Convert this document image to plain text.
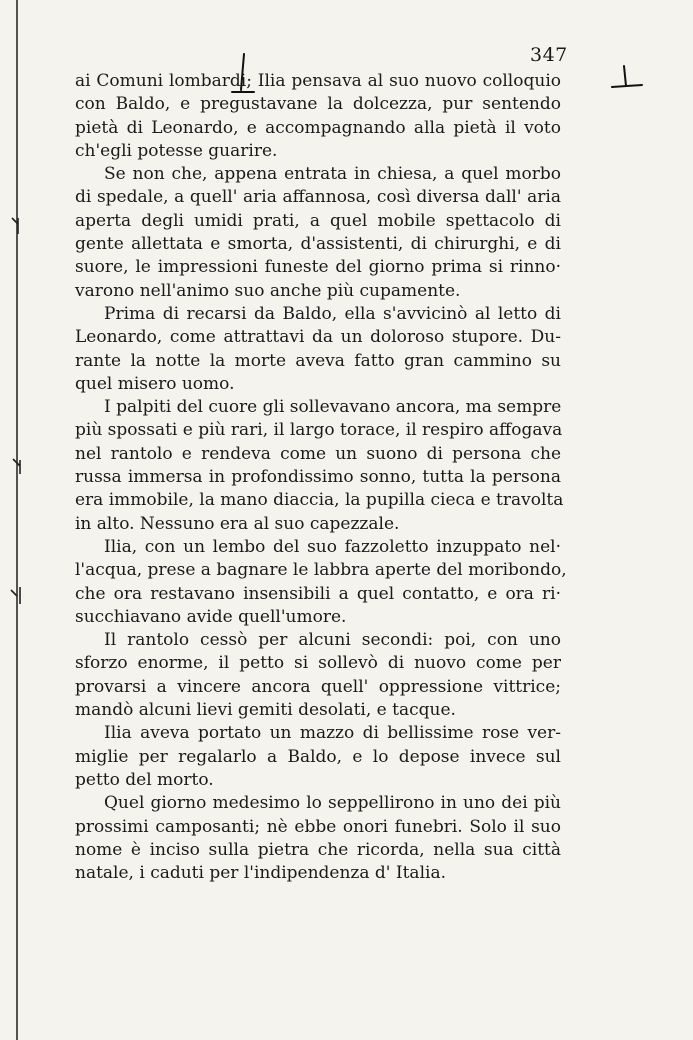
347
ai Comuni lombardi; Ilia pensava al suo nuovo colloquio
con Baldo, e pregustavane la dolcezza, pur sentendo
pietà di Leonardo, e accompagnando alla pietà il voto
ch'egli potesse guarire.
Se non che, appena entrata in chiesa, a quel morbo
di spedale, a quell' aria affannosa, così diversa dall' aria
aperta degli umidi prati, a quel mobile spettacolo di
gente allettata e smorta, d'assistenti, di chirurghi, e di
suore, le impressioni funeste del giorno prima si rinno·
varono nell'animo suo anche più cupamente.
Prima di recarsi da Baldo, ella s'avvicinò al letto di
Leonardo, come attrattavi da un doloroso stupore. Du-
rante la notte la morte aveva fatto gran cammino su
quel misero uomo.
I palpiti del cuore gli sollevavano ancora, ma sempre
più spossati e più rari, il largo torace, il respiro affogava
nel rantolo e rendeva come un suono di persona che
russa immersa in profondissimo sonno, tutta la persona
era immobile, la mano diaccia, la pupilla cieca e travolta
in alto. Nessuno era al suo capezzale.
Ilia, con un lembo del suo fazzoletto inzuppato nel·
l'acqua, prese a bagnare le labbra aperte del moribondo,
che ora restavano insensibili a quel contatto, e ora ri·
succhiavano avide quell'umore.
Il rantolo cessò per alcuni secondi: poi, con uno
sforzo enorme, il petto si sollevò di nuovo come per
provarsi a vincere ancora quell' oppressione vittrice;
mandò alcuni lievi gemiti desolati, e tacque.
Ilia aveva portato un mazzo di bellissime rose ver-
miglie per regalarlo a Baldo, e lo depose invece sul
petto del morto.
Quel giorno medesimo lo seppellirono in uno dei più
prossimi camposanti; nè ebbe onori funebri. Solo il suo
nome è inciso sulla pietra che ricorda, nella sua città
natale, i caduti per l'indipendenza d' Italia.
